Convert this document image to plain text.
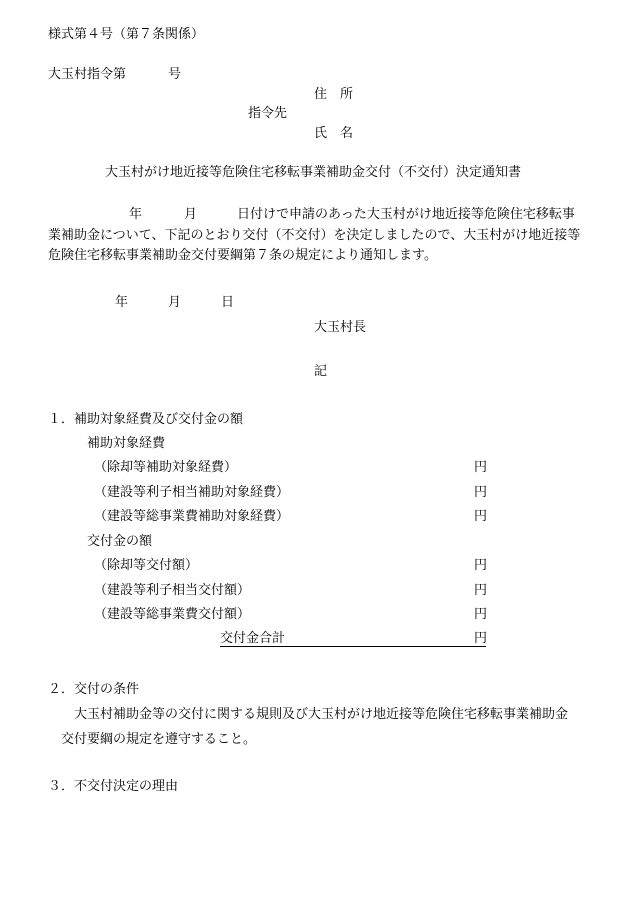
様式第４号（第７条関係）
大玉村指令第	号
住　所
指令先
氏　名
大玉村がけ地近接等危険住宅移転事業補助金交付（不交付）決定通知書
年	月	日付けで申請のあった大玉村がけ地近接等危険住宅移転事
業補助金について、下記のとおり交付（不交付）を決定しましたので、大玉村がけ地近接等
危険住宅移転事業補助金交付要綱第７条の規定により通知します。
年	月	日
大玉村長
記
１．補助対象経費及び交付金の額
補助対象経費
（除却等補助対象経費）	円
（建設等利子相当補助対象経費）	円
（建設等総事業費補助対象経費）	円
交付金の額
（除却等交付額）	円
（建設等利子相当交付額）	円
（建設等総事業費交付額）	円
交付金合計	円
２．交付の条件
大玉村補助金等の交付に関する規則及び大玉村がけ地近接等危険住宅移転事業補助金
交付要綱の規定を遵守すること。
３．不交付決定の理由
